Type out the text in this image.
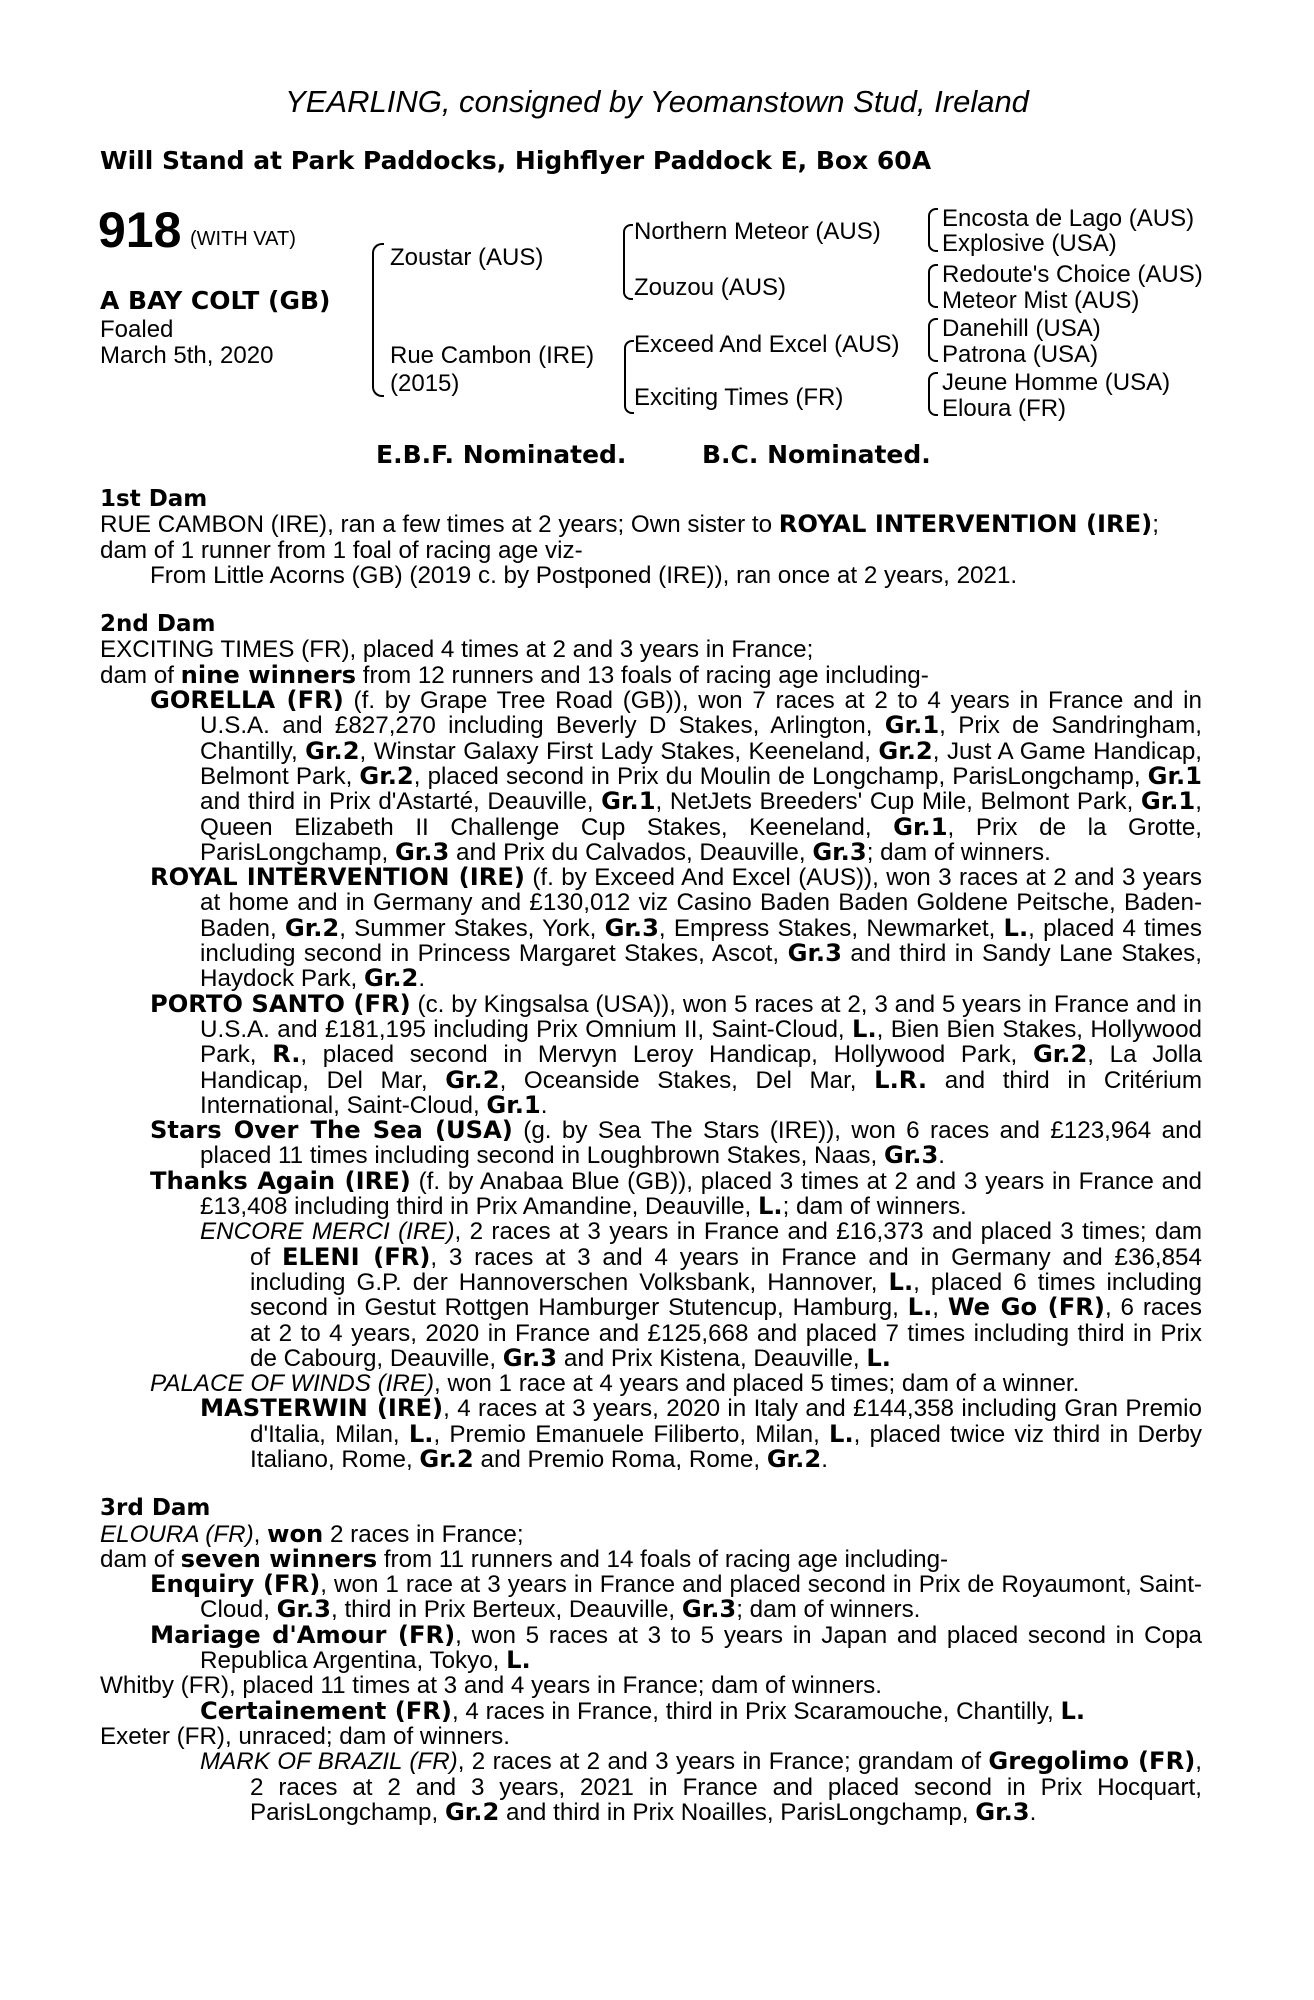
YEARLING, consigned by Yeomanstown Stud, Ireland
Will Stand at Park Paddocks, Highflyer Paddock E, Box 60A
918 (WITH VAT)
A BAY COLT (GB)
Foaled
March 5th, 2020
Zoustar (AUS)
Rue Cambon (IRE)
(2015)
Northern Meteor (AUS)
Zouzou (AUS)
Exceed And Excel (AUS)
Exciting Times (FR)
Encosta de Lago (AUS)
Explosive (USA)
Redoute's Choice (AUS)
Meteor Mist (AUS)
Danehill (USA)
Patrona (USA)
Jeune Homme (USA)
Eloura (FR)
E.B.F. Nominated.	B.C. Nominated.
1st Dam

RUE CAMBON (IRE), ran a few times at 2 years; Own sister to ROYAL INTERVENTION (IRE);

dam of 1 runner from 1 foal of racing age viz-

From Little Acorns (GB) (2019 c. by Postponed (IRE)), ran once at 2 years, 2021.

2nd Dam

EXCITING TIMES (FR), placed 4 times at 2 and 3 years in France;

dam of nine winners from 12 runners and 13 foals of racing age including-

GORELLA (FR) (f. by Grape Tree Road (GB)), won 7 races at 2 to 4 years in France and in U.S.A. and £827,270 including Beverly D Stakes, Arlington, Gr.1, Prix de Sandringham, Chantilly, Gr.2, Winstar Galaxy First Lady Stakes, Keeneland, Gr.2, Just A Game Handicap, Belmont Park, Gr.2, placed second in Prix du Moulin de Longchamp, ParisLongchamp, Gr.1 and third in Prix d'Astarté, Deauville, Gr.1, NetJets Breeders' Cup Mile, Belmont Park, Gr.1, Queen Elizabeth II Challenge Cup Stakes, Keeneland, Gr.1, Prix de la Grotte, ParisLongchamp, Gr.3 and Prix du Calvados, Deauville, Gr.3; dam of winners.

ROYAL INTERVENTION (IRE) (f. by Exceed And Excel (AUS)), won 3 races at 2 and 3 years at home and in Germany and £130,012 viz Casino Baden Baden Goldene Peitsche, Baden-Baden, Gr.2, Summer Stakes, York, Gr.3, Empress Stakes, Newmarket, L., placed 4 times including second in Princess Margaret Stakes, Ascot, Gr.3 and third in Sandy Lane Stakes, Haydock Park, Gr.2.

PORTO SANTO (FR) (c. by Kingsalsa (USA)), won 5 races at 2, 3 and 5 years in France and in U.S.A. and £181,195 including Prix Omnium II, Saint-Cloud, L., Bien Bien Stakes, Hollywood Park, R., placed second in Mervyn Leroy Handicap, Hollywood Park, Gr.2, La Jolla Handicap, Del Mar, Gr.2, Oceanside Stakes, Del Mar, L.R. and third in Critérium International, Saint-Cloud, Gr.1.

Stars Over The Sea (USA) (g. by Sea The Stars (IRE)), won 6 races and £123,964 and placed 11 times including second in Loughbrown Stakes, Naas, Gr.3.

Thanks Again (IRE) (f. by Anabaa Blue (GB)), placed 3 times at 2 and 3 years in France and £13,408 including third in Prix Amandine, Deauville, L.; dam of winners.

ENCORE MERCI (IRE), 2 races at 3 years in France and £16,373 and placed 3 times; dam of ELENI (FR), 3 races at 3 and 4 years in France and in Germany and £36,854 including G.P. der Hannoverschen Volksbank, Hannover, L., placed 6 times including second in Gestut Rottgen Hamburger Stutencup, Hamburg, L., We Go (FR), 6 races at 2 to 4 years, 2020 in France and £125,668 and placed 7 times including third in Prix de Cabourg, Deauville, Gr.3 and Prix Kistena, Deauville, L.

PALACE OF WINDS (IRE), won 1 race at 4 years and placed 5 times; dam of a winner.

MASTERWIN (IRE), 4 races at 3 years, 2020 in Italy and £144,358 including Gran Premio d'Italia, Milan, L., Premio Emanuele Filiberto, Milan, L., placed twice viz third in Derby Italiano, Rome, Gr.2 and Premio Roma, Rome, Gr.2.

3rd Dam

ELOURA (FR), won 2 races in France;

dam of seven winners from 11 runners and 14 foals of racing age including-

Enquiry (FR), won 1 race at 3 years in France and placed second in Prix de Royaumont, Saint-Cloud, Gr.3, third in Prix Berteux, Deauville, Gr.3; dam of winners.

Mariage d'Amour (FR), won 5 races at 3 to 5 years in Japan and placed second in Copa Republica Argentina, Tokyo, L.

Whitby (FR), placed 11 times at 3 and 4 years in France; dam of winners.

Certainement (FR), 4 races in France, third in Prix Scaramouche, Chantilly, L.

Exeter (FR), unraced; dam of winners.

MARK OF BRAZIL (FR), 2 races at 2 and 3 years in France; grandam of Gregolimo (FR), 2 races at 2 and 3 years, 2021 in France and placed second in Prix Hocquart, ParisLongchamp, Gr.2 and third in Prix Noailles, ParisLongchamp, Gr.3.
